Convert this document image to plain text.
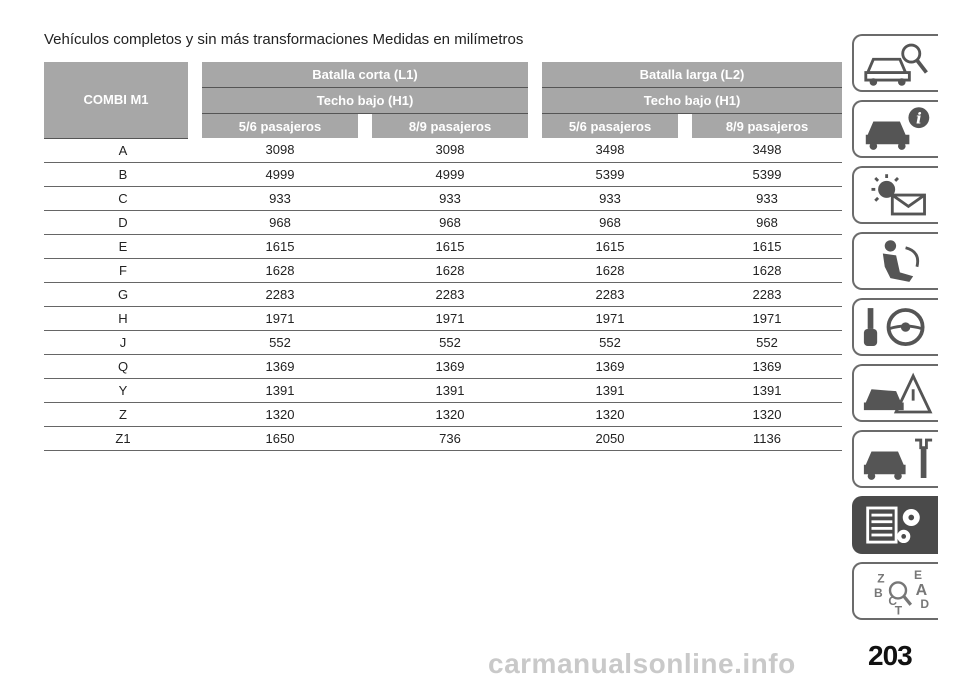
Vehículos completos y sin más transformaciones Medidas en milímetros
COMBI M1		Batalla corta (L1)				Batalla larga (L2)		
		Techo bajo (H1)				Techo bajo (H1)		
		5/6 pasajeros		8/9 pasajeros		5/6 pasajeros		8/9 pasajeros
A		3098		3098		3498		3498
B		4999		4999		5399		5399
C		933		933		933		933
D		968		968		968		968
E		1615		1615		1615		1615
F		1628		1628		1628		1628
G		2283		2283		2283		2283
H		1971		1971		1971		1971
J		552		552		552		552
Q		1369		1369		1369		1369
Y		1391		1391		1391		1391
Z		1320		1320		1320		1320
Z1		1650		736		2050		1136
i
Z E
A
B
C D
T
203
carmanualsonline.info
